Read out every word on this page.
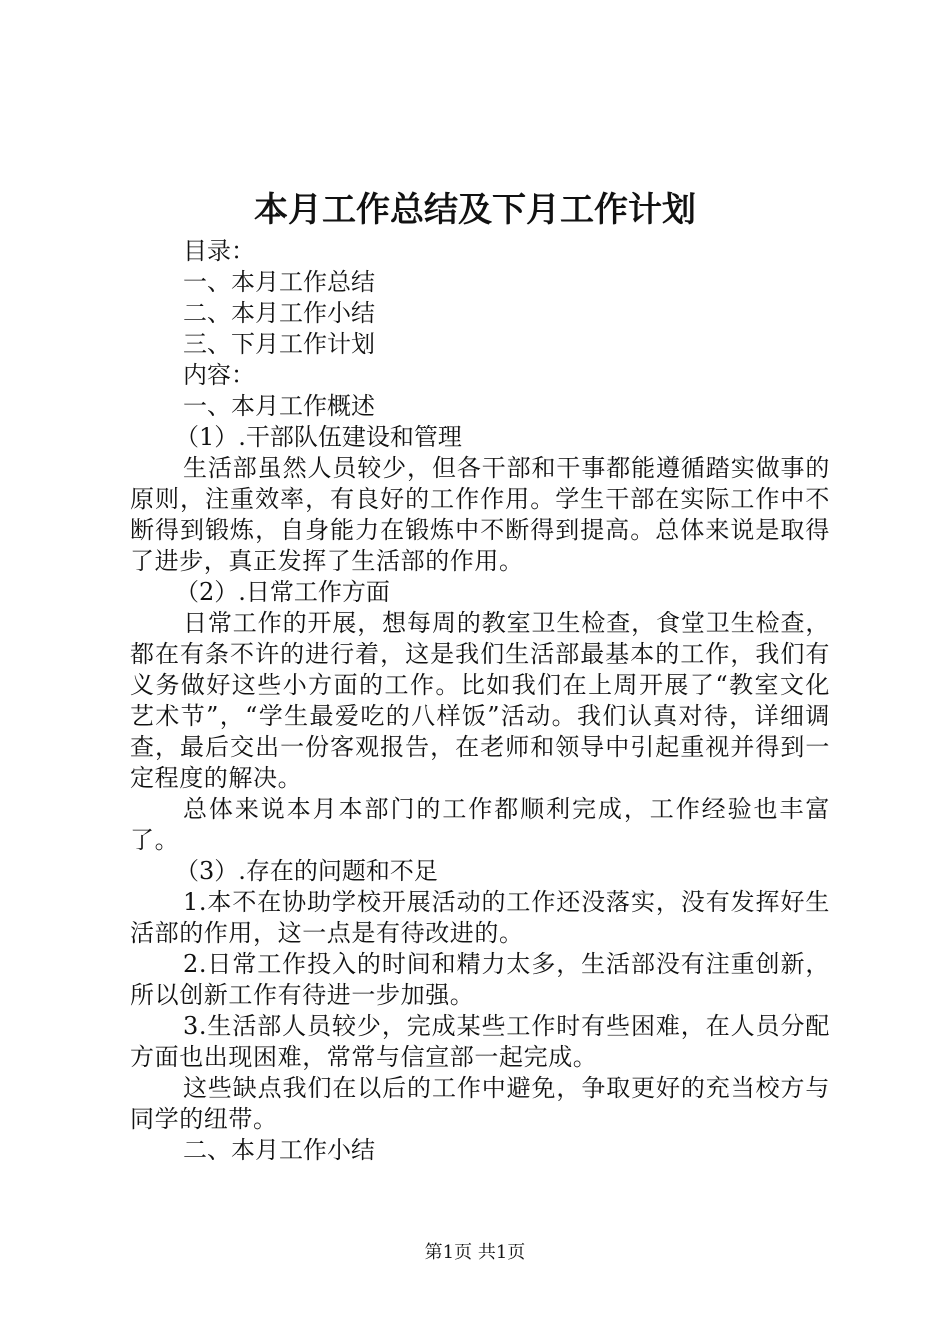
本月工作总结及下月工作计划
目录：
一、本月工作总结
二、本月工作小结
三、下月工作计划
内容：
一、本月工作概述
（1）.干部队伍建设和管理
生活部虽然人员较少，但各干部和干事都能遵循踏实做事的原则，注重效率，有良好的工作作用。学生干部在实际工作中不断得到锻炼，自身能力在锻炼中不断得到提高。总体来说是取得了进步，真正发挥了生活部的作用。
（2）.日常工作方面
日常工作的开展，想每周的教室卫生检查，食堂卫生检查，都在有条不许的进行着，这是我们生活部最基本的工作，我们有义务做好这些小方面的工作。比如我们在上周开展了“教室文化艺术节”，“学生最爱吃的八样饭”活动。我们认真对待，详细调查，最后交出一份客观报告，在老师和领导中引起重视并得到一定程度的解决。
总体来说本月本部门的工作都顺利完成，工作经验也丰富了。
（3）.存在的问题和不足
1.本不在协助学校开展活动的工作还没落实，没有发挥好生活部的作用，这一点是有待改进的。
2.日常工作投入的时间和精力太多，生活部没有注重创新，所以创新工作有待进一步加强。
3.生活部人员较少，完成某些工作时有些困难，在人员分配方面也出现困难，常常与信宣部一起完成。
这些缺点我们在以后的工作中避免，争取更好的充当校方与同学的纽带。
二、本月工作小结
第1页 共1页
